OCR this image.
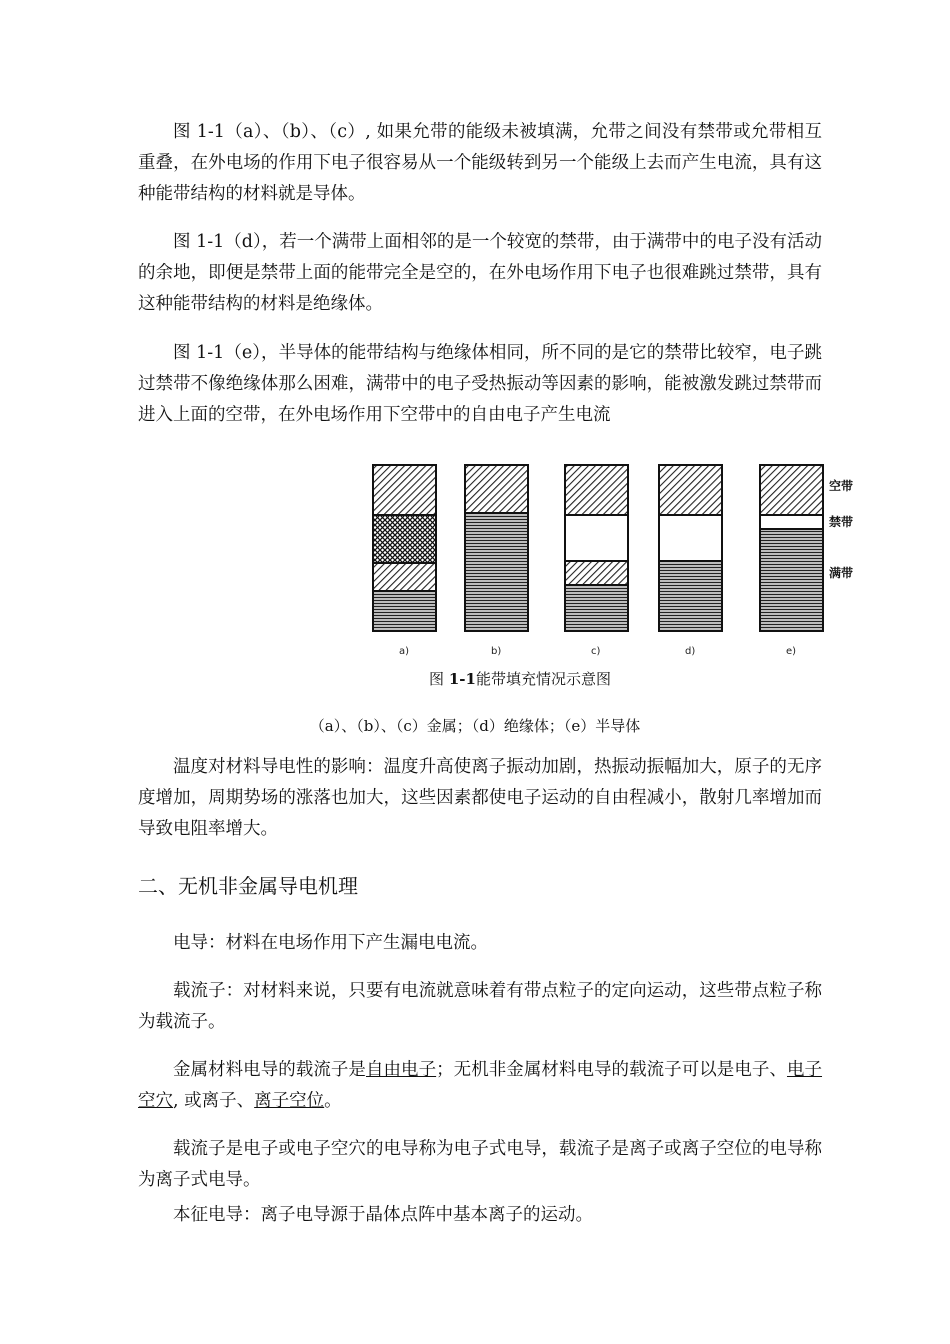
图 1-1（a）、（b）、（c）, 如果允带的能级未被填满，允带之间没有禁带或允带相互重叠，在外电场的作用下电子很容易从一个能级转到另一个能级上去而产生电流，具有这种能带结构的材料就是导体。

图 1-1（d），若一个满带上面相邻的是一个较宽的禁带，由于满带中的电子没有活动的余地，即便是禁带上面的能带完全是空的，在外电场作用下电子也很难跳过禁带，具有这种能带结构的材料是绝缘体。

图 1-1（e），半导体的能带结构与绝缘体相同，所不同的是它的禁带比较窄，电子跳过禁带不像绝缘体那么困难，满带中的电子受热振动等因素的影响，能被激发跳过禁带而进入上面的空带，在外电场作用下空带中的自由电子产生电流

空带
禁带
满带
a)	b)	c)	d)	e)

图 1-1能带填充情况示意图

（a）、（b）、（c）金属；（d）绝缘体；（e）半导体

温度对材料导电性的影响：温度升高使离子振动加剧，热振动振幅加大，原子的无序度增加，周期势场的涨落也加大，这些因素都使电子运动的自由程减小，散射几率增加而导致电阻率增大。

二、无机非金属导电机理

电导：材料在电场作用下产生漏电电流。

载流子：对材料来说，只要有电流就意味着有带点粒子的定向运动，这些带点粒子称为载流子。

金属材料电导的载流子是自由电子；无机非金属材料电导的载流子可以是电子、电子空穴, 或离子、离子空位。

载流子是电子或电子空穴的电导称为电子式电导，载流子是离子或离子空位的电导称为离子式电导。

本征电导：离子电导源于晶体点阵中基本离子的运动。
